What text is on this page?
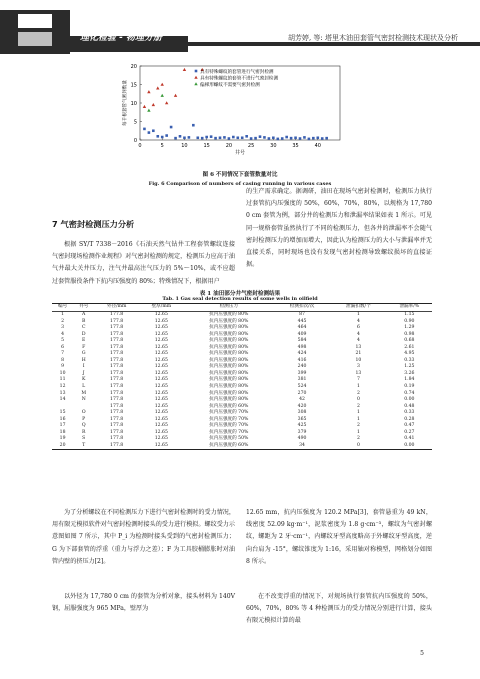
理化检验 - 物理分册	胡芳婷, 等: 塔里木油田套管气密封检测技术现状及分析
0	5	10	15	20	25	30	35	40
0
5
10
15
20
井号
每千根套管气密封数量
具有特殊螺纹的套管进行气密封检测
具有特殊螺纹的套管不进行气密封检测
偏梯形螺纹不需要气密封检测
图 6 不同情况下套管数量对比
Fig. 6 Comparison of numbers of casing running in various cases
7 气密封检测压力分析
根据 SY/T 7338－2016《石油天然气钻井工程套管螺纹连接气密封现场检测作业规程》对气密封检测的规定，检测压力应高于油气井最大关井压力，注气井最高注气压力的 5%～10%，或不应超过套管服役条件下抗内压强度的 80%；特殊情况下，根据用户
的生产需求确定。据调研，油田在现场气密封检测时，检测压力执行过套管抗内压强度的 50%，60%，70%，80%，以规格为 17,780 0 cm 套管为例，部分井的检测压力和泄漏率结果如表 1 所示。可见同一规格套管虽然执行了不同的检测压力，但各井的泄漏率不会随气密封检测压力的增加而增大，因此认为检测压力的大小与泄漏率并无直接关系，同时现场也没有发现气密封检测导致螺纹损坏的直接证据。
表 1 油田部分井气密封检测结果
Tab. 1 Gas seal detection results of some wells in oilfield
编号	井号	外径/mm	壁厚/mm	检测压力	检测扣次/次	泄漏扣数/个	泄漏率/%
1	A	177.8	12.65	抗内压强度的 80%	87	1	1.15
2	B	177.8	12.65	抗内压强度的 80%	445	4	0.90
3	C	177.8	12.65	抗内压强度的 80%	464	6	1.29
4	D	177.8	12.65	抗内压强度的 80%	409	4	0.98
5	E	177.8	12.65	抗内压强度的 80%	584	4	0.68
6	F	177.8	12.65	抗内压强度的 80%	498	13	2.61
7	G	177.8	12.65	抗内压强度的 80%	424	21	4.95
8	H	177.8	12.65	抗内压强度的 80%	416	10	0.33
9	I	177.8	12.65	抗内压强度的 80%	240	3	1.25
10	J	177.8	12.65	抗内压强度的 80%	399	13	3.26
11	K	177.8	12.65	抗内压强度的 80%	381	7	1.84
12	L	177.8	12.65	抗内压强度的 80%	524	1	0.19
13	M	177.8	12.65	抗内压强度的 80%	270	2	0.74
14	N	177.8	12.65	抗内压强度的 80%	42	0	0.00
		177.8	12.65	抗内压强度的 60%	420	2	0.48
15	O	177.8	12.65	抗内压强度的 70%	308	1	0.33
16	P	177.8	12.65	抗内压强度的 70%	365	1	0.28
17	Q	177.8	12.65	抗内压强度的 70%	425	2	0.47
18	R	177.8	12.65	抗内压强度的 70%	379	1	0.27
19	S	177.8	12.65	抗内压强度的 50%	490	2	0.41
20	T	177.8	12.65	抗内压强度的 60%	34	0	0.00
为了分析螺纹在不同检测压力下进行气密封检测时的受力情况，用有限元模拟软件对气密封检测时接头的受力进行模拟。螺纹受力示意图如图 7 所示，其中 P_i 为检测时接头受到的气密封检测压力；G 为下部套管的浮重（重力与浮力之差）；F 为工具胶桶膨胀时对油管内壁的挤压力[2]。
以外径为 17,780 0 cm 的套管为分析对象，接头材料为 140V 钢，屈服强度为 965 MPa，壁厚为
12.65 mm，抗内压强度为 120.2 MPa[3]，套管悬重为 49 kN，线密度 52.09 kg·m⁻¹，泥浆密度为 1.8 g·cm⁻³，螺纹为气密封螺纹，螺距为 2 牙·cm⁻¹，内螺纹牙型高度略高于外螺纹牙型高度，逆向台肩为 -15°，螺纹锥度为 1:16，采用轴对称模型，网格划分如图 8 所示。
在不改变浮重的情况下，对规场执行套管抗内压强度的 50%，60%，70%，80% 等 4 种检测压力的受力情况分别进行计算，接头有限元模拟计算的最
5
